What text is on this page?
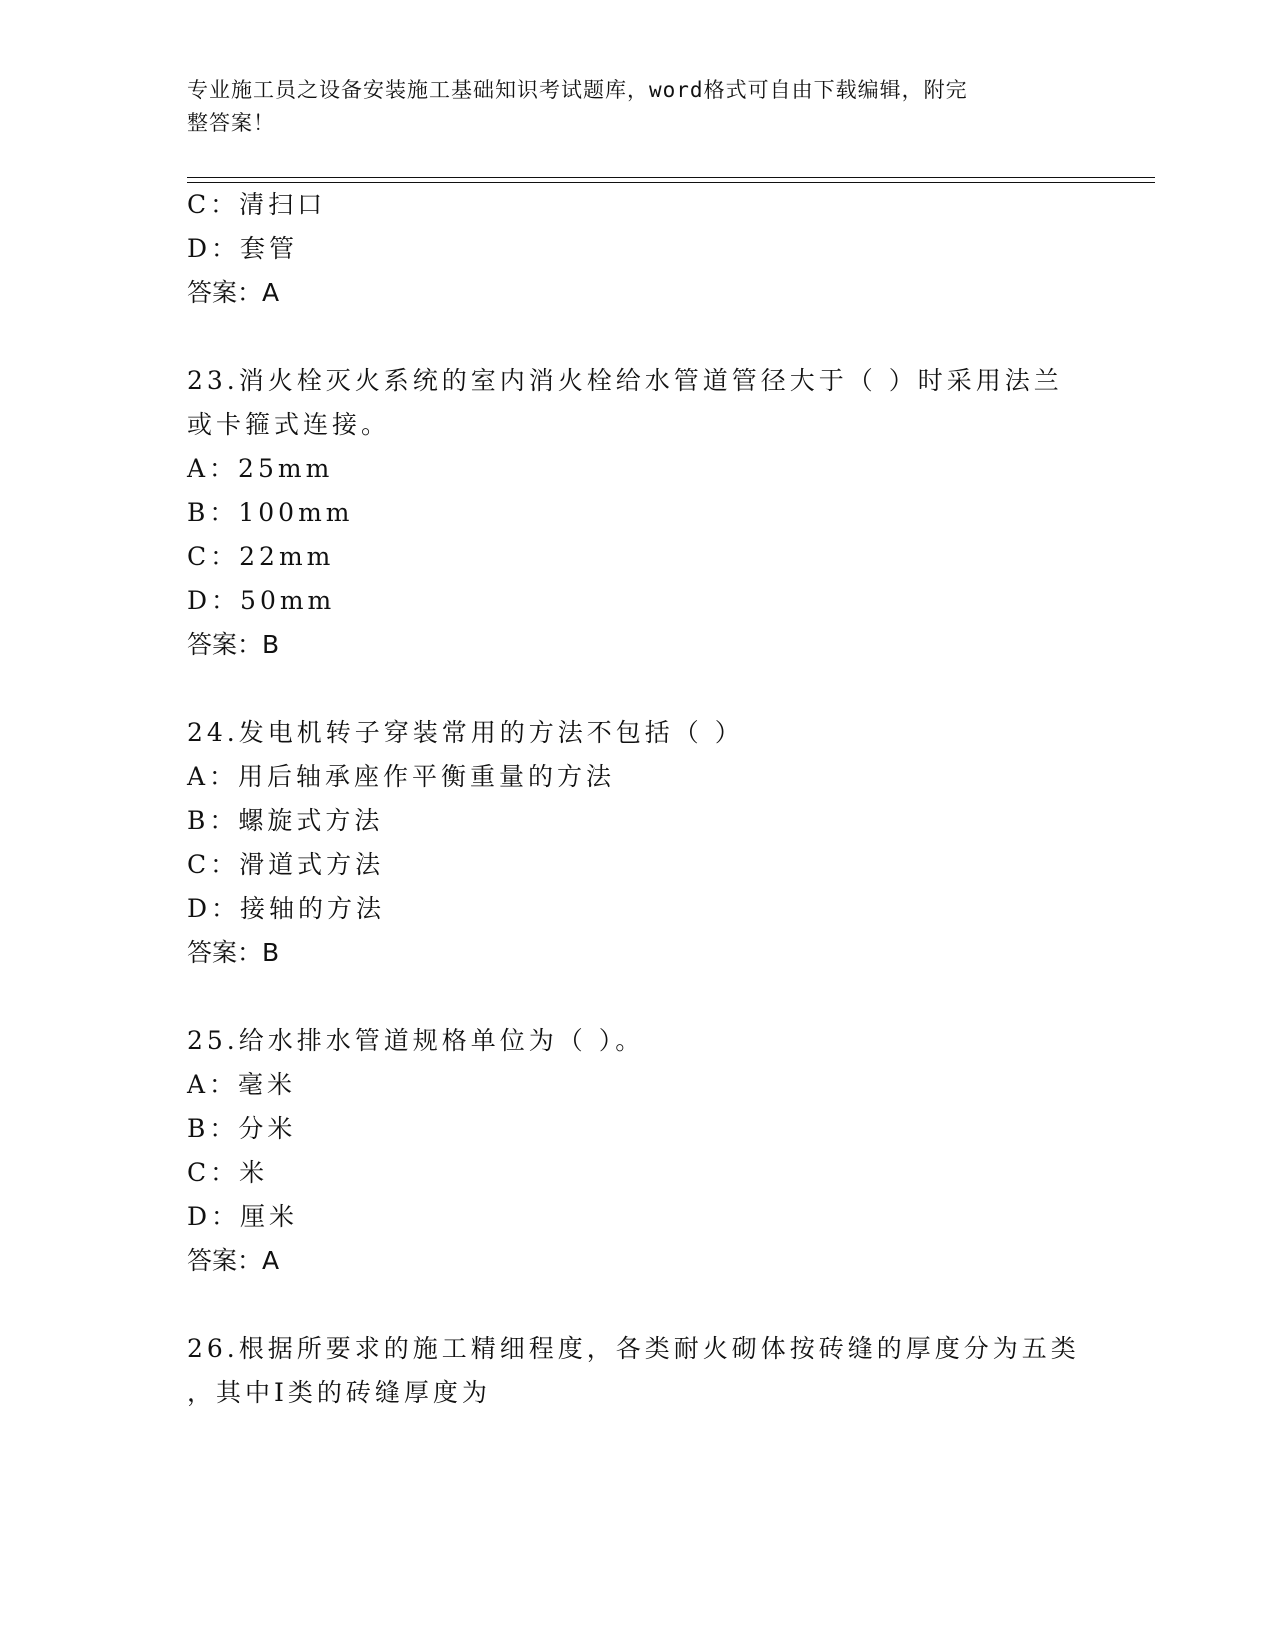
专业施工员之设备安装施工基础知识考试题库，word格式可自由下载编辑，附完
整答案！
C：清扫口
D：套管
答案：A
23.消火栓灭火系统的室内消火栓给水管道管径大于（ ）时采用法兰
或卡箍式连接。
A：25mm
B：100mm
C：22mm
D：50mm
答案：B
24.发电机转子穿装常用的方法不包括（ ）
A：用后轴承座作平衡重量的方法
B：螺旋式方法
C：滑道式方法
D：接轴的方法
答案：B
25.给水排水管道规格单位为（ ）。
A：毫米
B：分米
C：米
D：厘米
答案：A
26.根据所要求的施工精细程度，各类耐火砌体按砖缝的厚度分为五类
，其中I类的砖缝厚度为
